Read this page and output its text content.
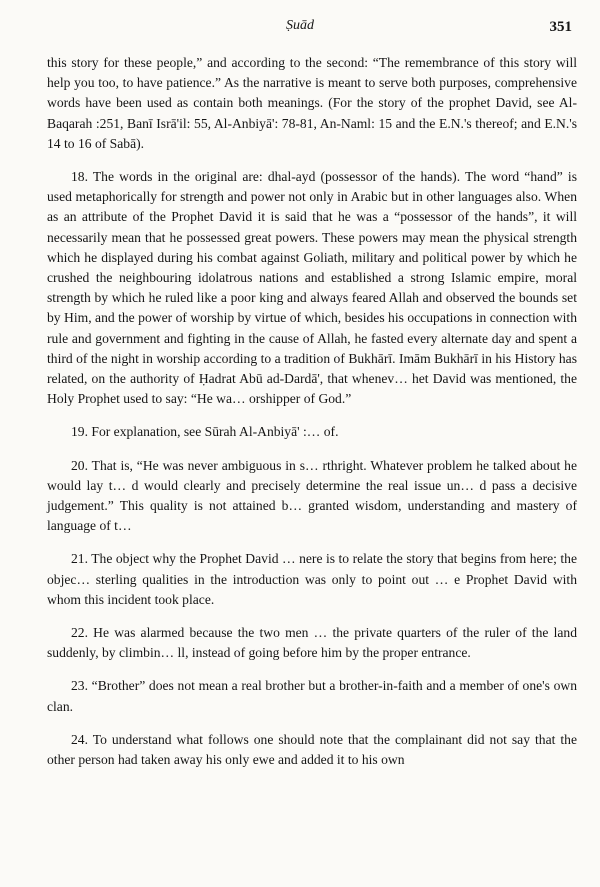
Ṣuād	351

this story for these people,” and according to the second: “The remembrance of this story will help you too, to have patience.” As the narrative is meant to serve both purposes, comprehensive words have been used as contain both meanings. (For the story of the prophet David, see Al-Baqarah :251, Banī Isrā'il: 55, Al-Anbiyā': 78-81, An-Naml: 15 and the E.N.'s thereof; and E.N.'s 14 to 16 of Sabā).

18. The words in the original are: dhal-ayd (possessor of the hands). The word “hand” is used metaphorically for strength and power not only in Arabic but in other languages also. When as an attribute of the Prophet David it is said that he was a “possessor of the hands”, it will necessarily mean that he possessed great powers. These powers may mean the physical strength which he displayed during his combat against Goliath, military and political power by which he crushed the neighbouring idolatrous nations and established a strong Islamic empire, moral strength by which he ruled like a poor king and always feared Allah and observed the bounds set by Him, and the power of worship by virtue of which, besides his occupations in connection with rule and government and fighting in the cause of Allah, he fasted every alternate day and spent a third of the night in worship according to a tradition of Bukhārī. Imām Bukhārī in his History has related, on the authority of Ḥadrat Abū ad-Dardā', that whenev… het David was mentioned, the Holy Prophet used to say: “He wa… orshipper of God.”

19. For explanation, see Sūrah Al-Anbiyā' :… of.

20. That is, “He was never ambiguous in s… rthright. Whatever problem he talked about he would lay t… d would clearly and precisely determine the real issue un… d pass a decisive judgement.” This quality is not attained b… granted wisdom, understanding and mastery of language of t…

21. The object why the Prophet David … nere is to relate the story that begins from here; the objec… sterling qualities in the introduction was only to point out … e Prophet David with whom this incident took place.

22. He was alarmed because the two men … the private quarters of the ruler of the land suddenly, by climbin… ll, instead of going before him by the proper entrance.

23. “Brother” does not mean a real brother but a brother-in-faith and a member of one's own clan.

24. To understand what follows one should note that the complainant did not say that the other person had taken away his only ewe and added it to his own
